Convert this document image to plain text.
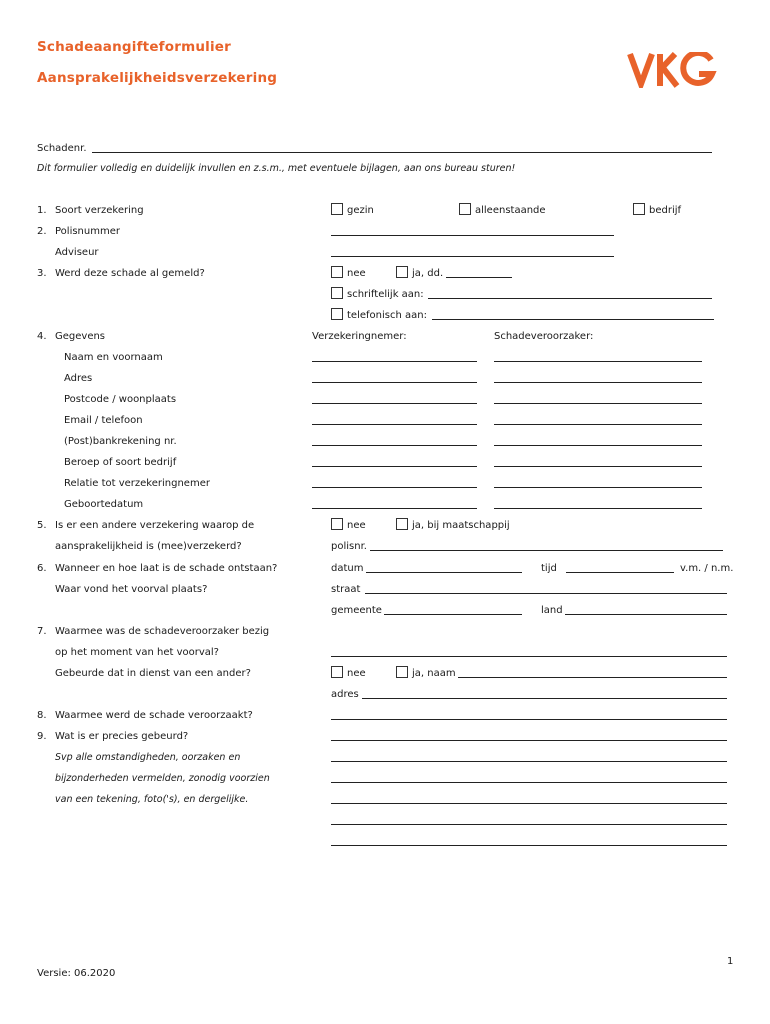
Schadeaangifteformulier
Aansprakelijkheidsverzekering
Schadenr.
Dit formulier volledig en duidelijk invullen en z.s.m., met eventuele bijlagen, aan ons bureau sturen!
1. Soort verzekering	gezin	alleenstaande	bedrijf
2. Polisnummer
Adviseur
3. Werd deze schade al gemeld?	nee	ja, dd.
schriftelijk aan:
telefonisch aan:
4. Gegevens	Verzekeringnemer:	Schadeveroorzaker:
Naam en voornaam
Adres
Postcode / woonplaats
Email / telefoon
(Post)bankrekening nr.
Beroep of soort bedrijf
Relatie tot verzekeringnemer
Geboortedatum
5. Is er een andere verzekering waarop de
aansprakelijkheid is (mee)verzekerd?
nee	ja, bij maatschappij
polisnr.
6. Wanneer en hoe laat is de schade ontstaan?
Waar vond het voorval plaats?
datum	tijd	v.m. / n.m.
straat
gemeente	land
7. Waarmee was de schadeveroorzaker bezig
op het moment van het voorval?
Gebeurde dat in dienst van een ander?	nee	ja, naam
adres
8. Waarmee werd de schade veroorzaakt?
9. Wat is er precies gebeurd?
Svp alle omstandigheden, oorzaken en
bijzonderheden vermelden, zonodig voorzien
van een tekening, foto('s), en dergelijke.
1
Versie: 06.2020
